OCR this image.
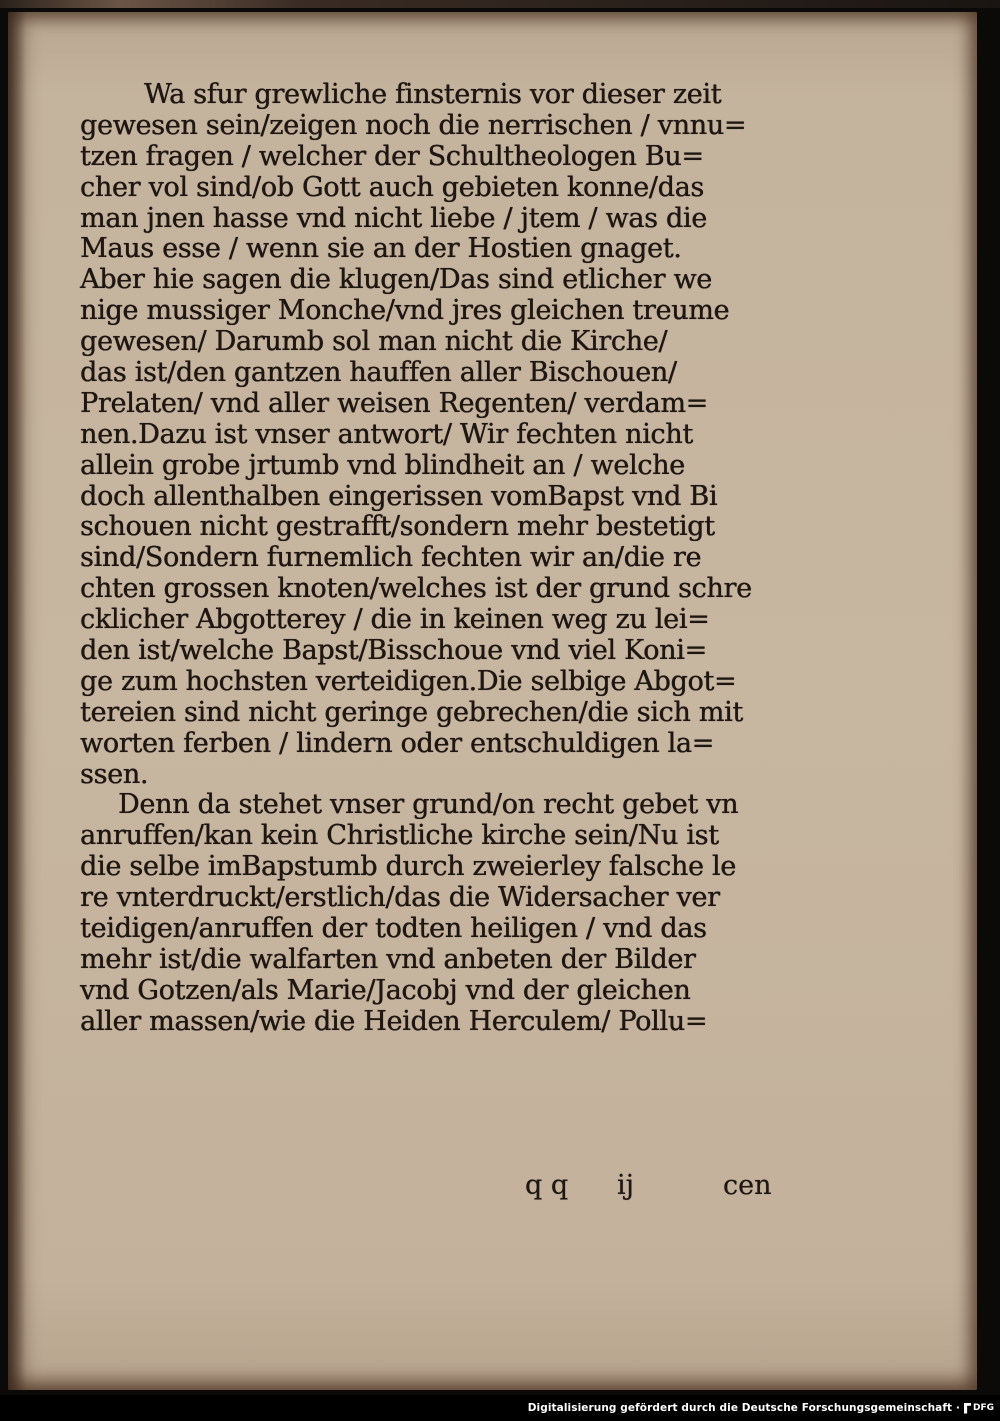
Wa sfur grewliche finsternis vor dieser zeit
gewesen sein/zeigen noch die nerrischen / vnnu=
tzen fragen / welcher der Schultheologen Bu=
cher vol sind/ob Gott auch gebieten konne/das
man jnen hasse vnd nicht liebe / jtem / was die
Maus esse / wenn sie an der Hostien gnaget.
Aber hie sagen die klugen/Das sind etlicher we
nige mussiger Monche/vnd jres gleichen treume
gewesen/ Darumb sol man nicht die Kirche/
das ist/den gantzen hauffen aller Bischouen/
Prelaten/ vnd aller weisen Regenten/ verdam=
nen.Dazu ist vnser antwort/ Wir fechten nicht
allein grobe jrtumb vnd blindheit an / welche
doch allenthalben eingerissen vomBapst vnd Bi
schouen nicht gestrafft/sondern mehr bestetigt
sind/Sondern furnemlich fechten wir an/die re
chten grossen knoten/welches ist der grund schre
cklicher Abgotterey / die in keinen weg zu lei=
den ist/welche Bapst/Bisschoue vnd viel Koni=
ge zum hochsten verteidigen.Die selbige Abgot=
tereien sind nicht geringe gebrechen/die sich mit
worten ferben / lindern oder entschuldigen la=
ssen.
Denn da stehet vnser grund/on recht gebet vn
anruffen/kan kein Christliche kirche sein/Nu ist
die selbe imBapstumb durch zweierley falsche le
re vnterdruckt/erstlich/das die Widersacher ver
teidigen/anruffen der todten heiligen / vnd das
mehr ist/die walfarten vnd anbeten der Bilder
vnd Gotzen/als Marie/Jacobj vnd der gleichen
aller massen/wie die Heiden Herculem/ Pollu=
q q ij	cen
Digitalisierung gefördert durch die Deutsche Forschungsgemeinschaft · DFG
